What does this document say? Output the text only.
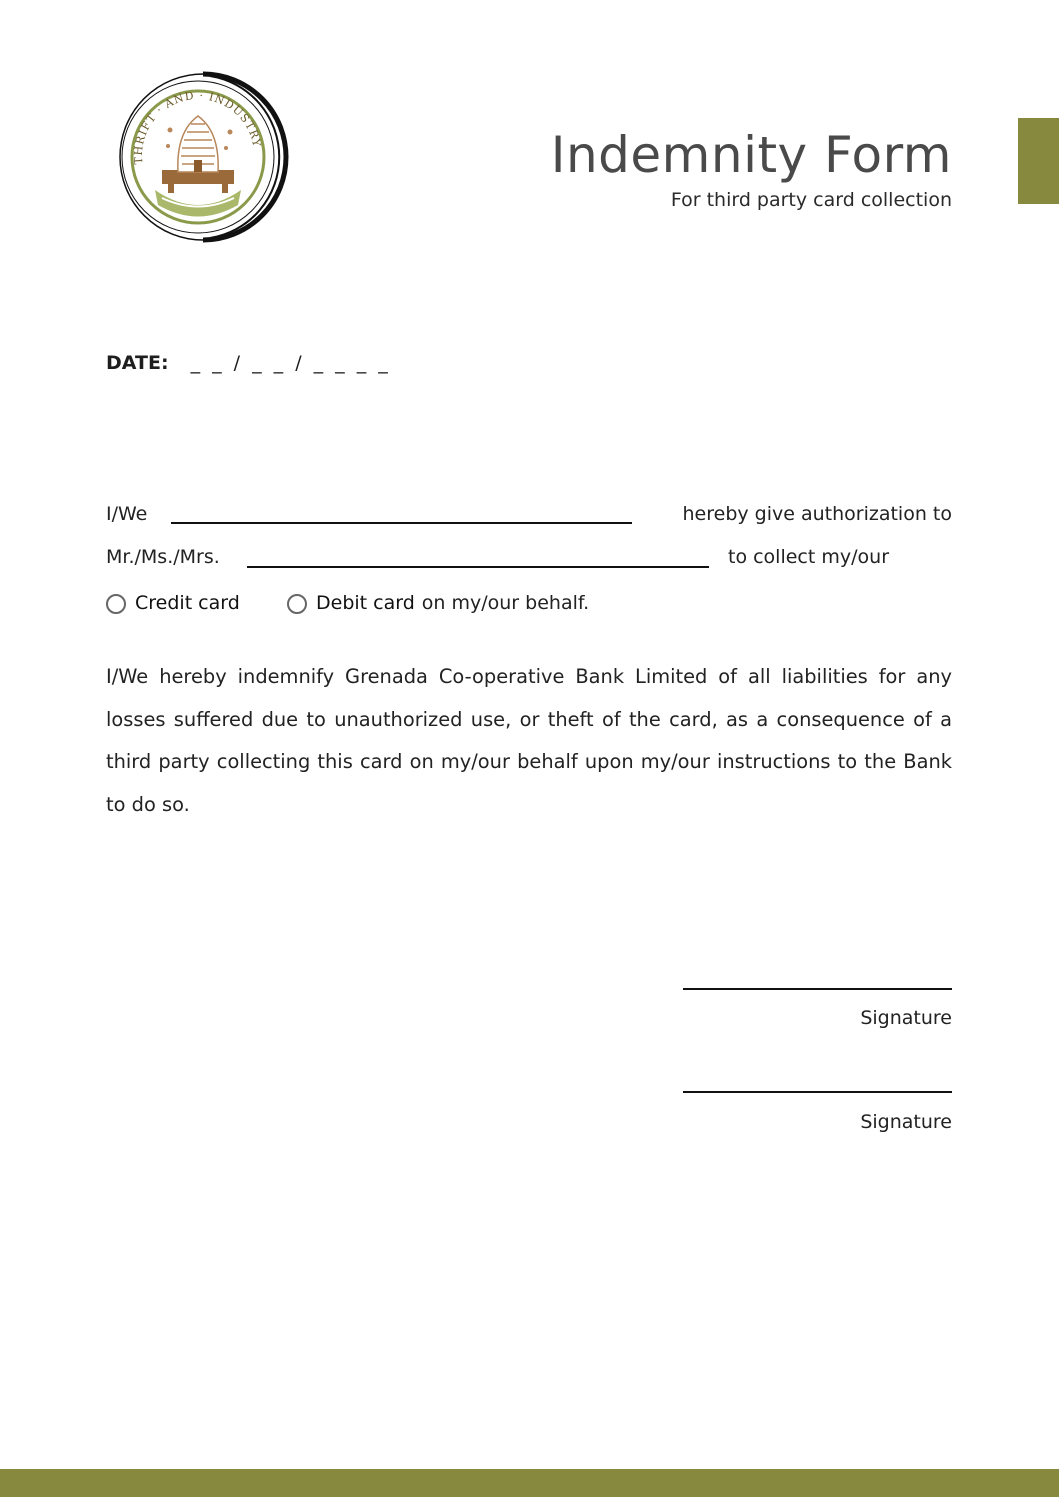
THRIFT · AND · INDUSTRY	Indemnity Form
For third party card collection
DATE: _ _ / _ _ / _ _ _ _
I/We	hereby give authorization to
Mr./Ms./Mrs.	to collect my/our
Credit card	Debit card on my/our behalf.

I/We hereby indemnify Grenada Co-operative Bank Limited of all liabilities for any losses suffered due to unauthorized use, or theft of the card, as a consequence of a third party collecting this card on my/our behalf upon my/our instructions to the Bank to do so.

Signature
Signature
